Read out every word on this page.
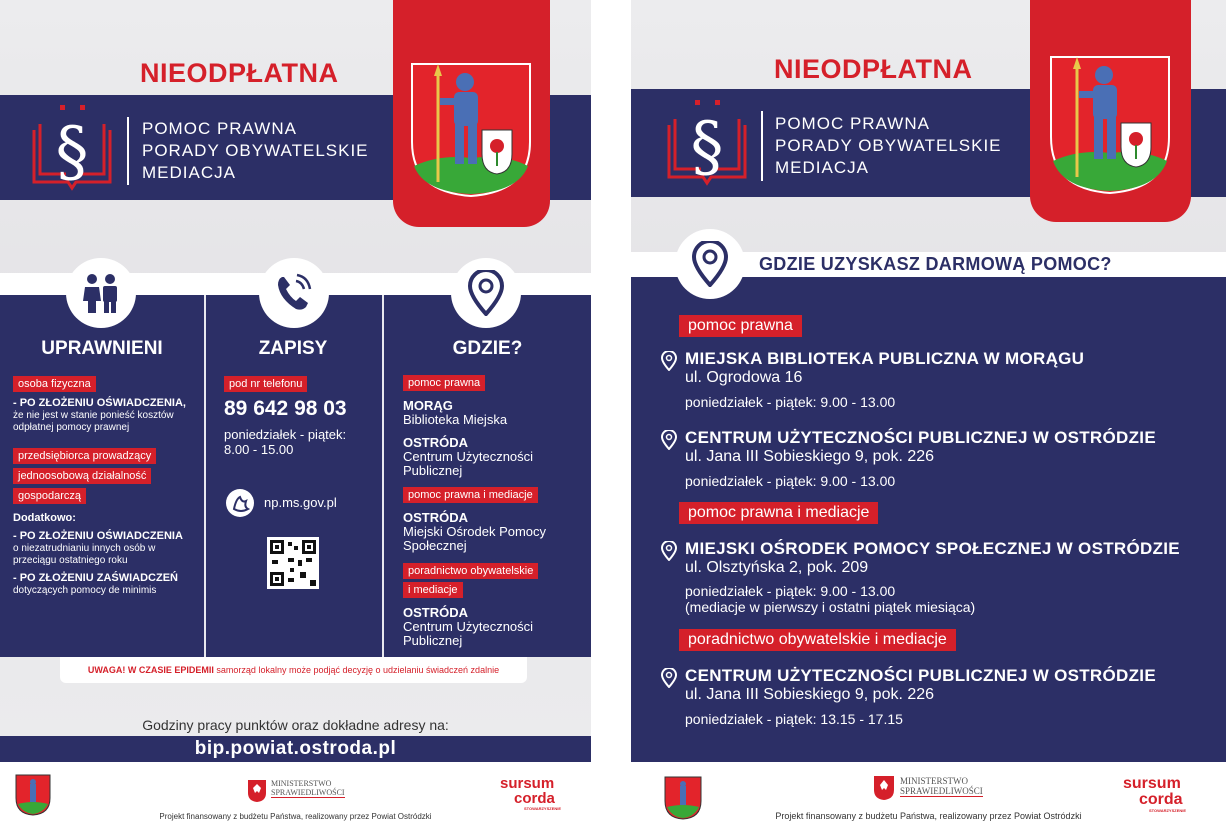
NIEODPŁATNA
§	POMOC PRAWNA
PORADY OBYWATELSKIE
MEDIACJA
UPRAWNIENI
osoba fizyczna
- PO ZŁOŻENIU OŚWIADCZENIA,
że nie jest w stanie ponieść kosztów odpłatnej pomocy prawnej
przedsiębiorca prowadzący
jednoosobową działalność
gospodarczą
Dodatkowo:
- PO ZŁOŻENIU OŚWIADCZENIA
o niezatrudnianiu innych osób w przeciągu ostatniego roku
- PO ZŁOŻENIU ZAŚWIADCZEŃ
dotyczących pomocy de minimis
ZAPISY
pod nr telefonu
89 642 98 03
poniedziałek - piątek:
8.00 - 15.00
np.ms.gov.pl
GDZIE?
pomoc prawna
MORĄG
Biblioteka Miejska
OSTRÓDA
Centrum Użyteczności Publicznej
pomoc prawna i mediacje
OSTRÓDA
Miejski Ośrodek Pomocy Społecznej
poradnictwo obywatelskie
i mediacje
OSTRÓDA
Centrum Użyteczności Publicznej
UWAGA! W CZASIE EPIDEMII samorząd lokalny może podjąć decyzję o udzielaniu świadczeń zdalnie
Godziny pracy punktów oraz dokładne adresy na:
bip.powiat.ostroda.pl
MINISTERSTWO
SPRAWIEDLIWOŚCI
sursum
corda
STOWARZYSZENIE
Projekt finansowany z budżetu Państwa, realizowany przez Powiat Ostródzki
NIEODPŁATNA
§	POMOC PRAWNA
PORADY OBYWATELSKIE
MEDIACJA
GDZIE UZYSKASZ DARMOWĄ POMOC?
pomoc prawna
MIEJSKA BIBLIOTEKA PUBLICZNA W MORĄGU
ul. Ogrodowa 16
poniedziałek - piątek: 9.00 - 13.00
CENTRUM UŻYTECZNOŚCI PUBLICZNEJ W OSTRÓDZIE
ul. Jana III Sobieskiego 9, pok. 226
poniedziałek - piątek: 9.00 - 13.00
pomoc prawna i mediacje
MIEJSKI OŚRODEK POMOCY SPOŁECZNEJ W OSTRÓDZIE
ul. Olsztyńska 2, pok. 209
poniedziałek - piątek: 9.00 - 13.00
(mediacje w pierwszy i ostatni piątek miesiąca)
poradnictwo obywatelskie i mediacje
CENTRUM UŻYTECZNOŚCI PUBLICZNEJ W OSTRÓDZIE
ul. Jana III Sobieskiego 9, pok. 226
poniedziałek - piątek: 13.15 - 17.15
MINISTERSTWO
SPRAWIEDLIWOŚCI	sursum
corda
STOWARZYSZENIE
Projekt finansowany z budżetu Państwa, realizowany przez Powiat Ostródzki
